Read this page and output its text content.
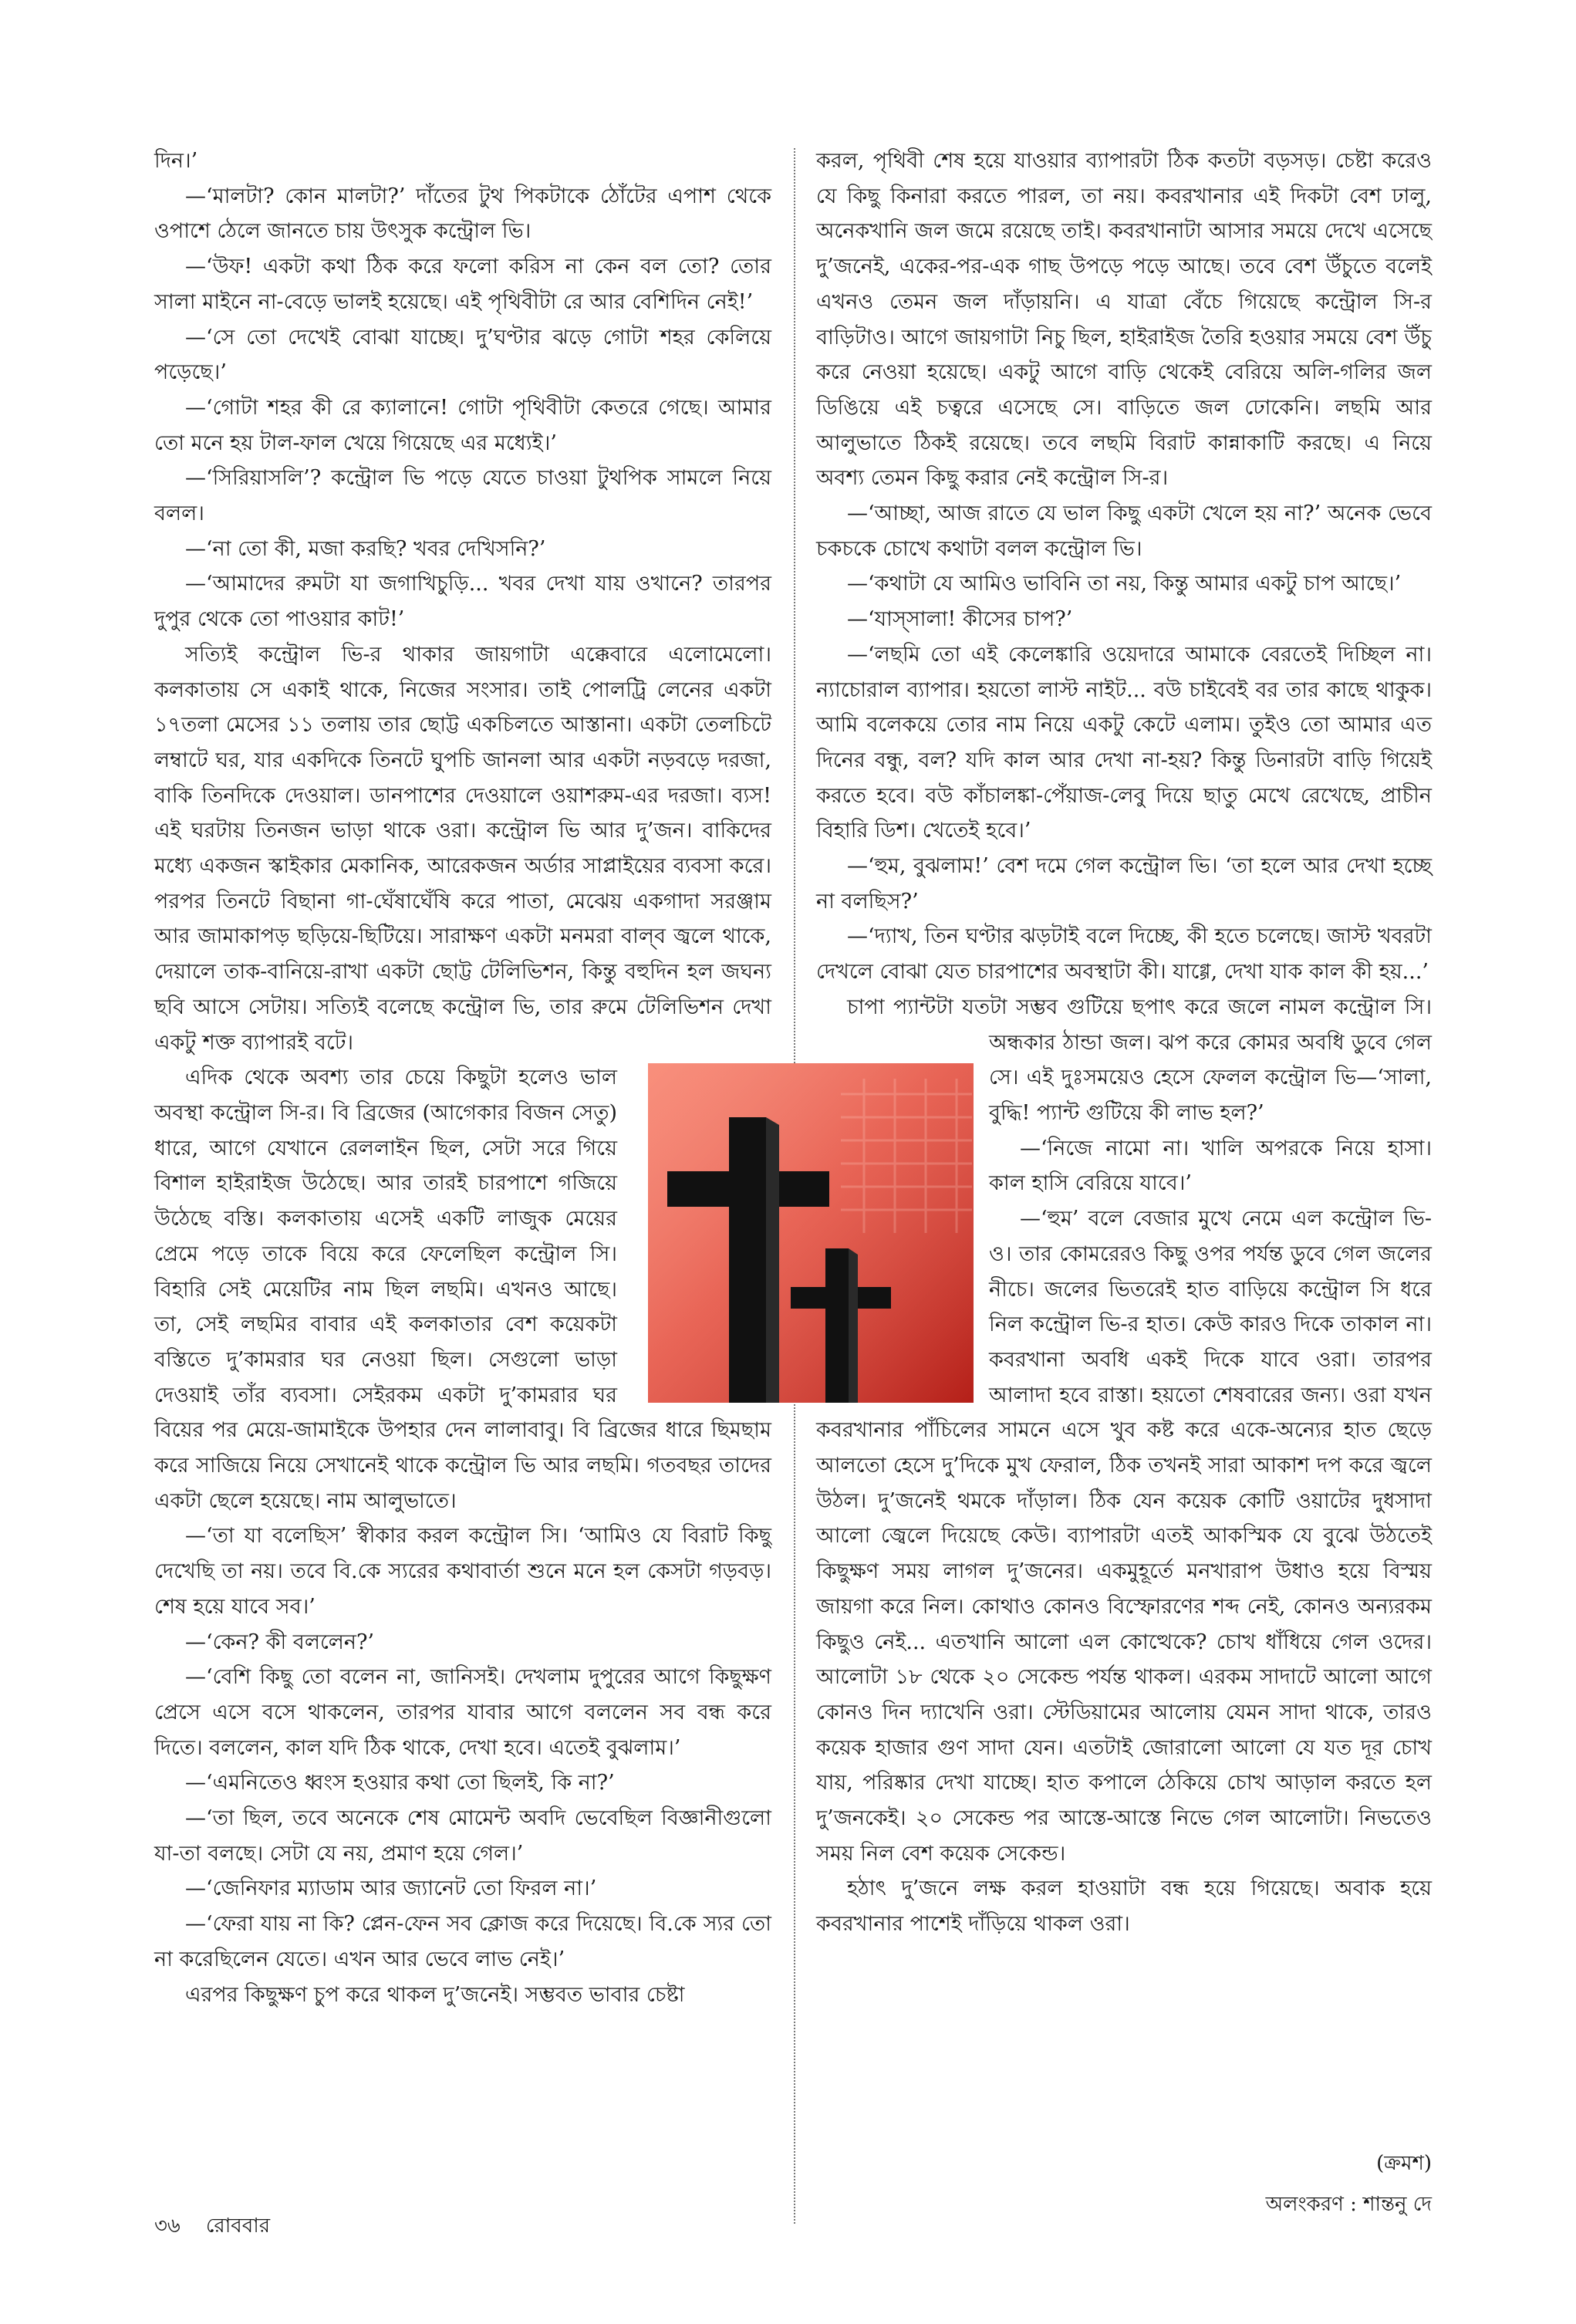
দিন।’

—‘মালটা? কোন মালটা?’ দাঁতের টুথ পিকটাকে ঠোঁটের এপাশ থেকে ওপাশে ঠেলে জানতে চায় উৎসুক কন্ট্রোল ভি।

—‘উফ! একটা কথা ঠিক করে ফলো করিস না কেন বল তো? তোর সালা মাইনে না-বেড়ে ভালই হয়েছে। এই পৃথিবীটা রে আর বেশিদিন নেই!’

—‘সে তো দেখেই বোঝা যাচ্ছে। দু’ঘণ্টার ঝড়ে গোটা শহর কেলিয়ে পড়েছে।’

—‘গোটা শহর কী রে ক্যালানে! গোটা পৃথিবীটা কেতরে গেছে। আমার তো মনে হয় টাল-ফাল খেয়ে গিয়েছে এর মধ্যেই।’

—‘সিরিয়াসলি’? কন্ট্রোল ভি পড়ে যেতে চাওয়া টুথপিক সামলে নিয়ে বলল।

—‘না তো কী, মজা করছি? খবর দেখিসনি?’

—‘আমাদের রুমটা যা জগাখিচুড়ি... খবর দেখা যায় ওখানে? তারপর দুপুর থেকে তো পাওয়ার কাট!’

সত্যিই কন্ট্রোল ভি-র থাকার জায়গাটা এক্কেবারে এলোমেলো। কলকাতায় সে একাই থাকে, নিজের সংসার। তাই পোলট্রি লেনের একটা ১৭তলা মেসের ১১ তলায় তার ছোট্ট একচিলতে আস্তানা। একটা তেলচিটে লম্বাটে ঘর, যার একদিকে তিনটে ঘুপচি জানলা আর একটা নড়বড়ে দরজা, বাকি তিনদিকে দেওয়াল। ডানপাশের দেওয়ালে ওয়াশরুম-এর দরজা। ব্যস! এই ঘরটায় তিনজন ভাড়া থাকে ওরা। কন্ট্রোল ভি আর দু’জন। বাকিদের মধ্যে একজন স্কাইকার মেকানিক, আরেকজন অর্ডার সাপ্লাইয়ের ব্যবসা করে। পরপর তিনটে বিছানা গা-ঘেঁষাঘেঁষি করে পাতা, মেঝেয় একগাদা সরঞ্জাম আর জামাকাপড় ছড়িয়ে-ছিটিয়ে। সারাক্ষণ একটা মনমরা বাল্‌ব জ্বলে থাকে, দেয়ালে তাক-বানিয়ে-রাখা একটা ছোট্ট টেলিভিশন, কিন্তু বহুদিন হল জঘন্য ছবি আসে সেটায়। সত্যিই বলেছে কন্ট্রোল ভি, তার রুমে টেলিভিশন দেখা একটু শক্ত ব্যাপারই বটে।

এদিক থেকে অবশ্য তার চেয়ে কিছুটা হলেও ভাল অবস্থা কন্ট্রোল সি-র। বি ব্রিজের (আগেকার বিজন সেতু) ধারে, আগে যেখানে রেললাইন ছিল, সেটা সরে গিয়ে বিশাল হাইরাইজ উঠেছে। আর তারই চারপাশে গজিয়ে উঠেছে বস্তি। কলকাতায় এসেই একটি লাজুক মেয়ের প্রেমে পড়ে তাকে বিয়ে করে ফেলেছিল কন্ট্রোল সি। বিহারি সেই মেয়েটির নাম ছিল লছমি। এখনও আছে। তা, সেই লছমির বাবার এই কলকাতার বেশ কয়েকটা বস্তিতে দু’কামরার ঘর নেওয়া ছিল। সেগুলো ভাড়া দেওয়াই তাঁর ব্যবসা। সেইরকম একটা দু’কামরার ঘর বিয়ের পর মেয়ে-জামাইকে উপহার দেন লালাবাবু। বি ব্রিজের ধারে ছিমছাম করে সাজিয়ে নিয়ে সেখানেই থাকে কন্ট্রোল ভি আর লছমি। গতবছর তাদের একটা ছেলে হয়েছে। নাম আলুভাতে।

—‘তা যা বলেছিস’ স্বীকার করল কন্ট্রোল সি। ‘আমিও যে বিরাট কিছু দেখেছি তা নয়। তবে বি.কে স্যরের কথাবার্তা শুনে মনে হল কেসটা গড়বড়। শেষ হয়ে যাবে সব।’

—‘কেন? কী বললেন?’

—‘বেশি কিছু তো বলেন না, জানিসই। দেখলাম দুপুরের আগে কিছুক্ষণ প্রেসে এসে বসে থাকলেন, তারপর যাবার আগে বললেন সব বন্ধ করে দিতে। বললেন, কাল যদি ঠিক থাকে, দেখা হবে। এতেই বুঝলাম।’

—‘এমনিতেও ধ্বংস হওয়ার কথা তো ছিলই, কি না?’

—‘তা ছিল, তবে অনেকে শেষ মোমেন্ট অবদি ভেবেছিল বিজ্ঞানীগুলো যা-তা বলছে। সেটা যে নয়, প্রমাণ হয়ে গেল।’

—‘জেনিফার ম্যাডাম আর জ্যানেট তো ফিরল না।’

—‘ফেরা যায় না কি? প্লেন-ফেন সব ক্লোজ করে দিয়েছে। বি.কে স্যর তো না করেছিলেন যেতে। এখন আর ভেবে লাভ নেই।’

এরপর কিছুক্ষণ চুপ করে থাকল দু’জনেই। সম্ভবত ভাবার চেষ্টা

করল, পৃথিবী শেষ হয়ে যাওয়ার ব্যাপারটা ঠিক কতটা বড়সড়। চেষ্টা করেও যে কিছু কিনারা করতে পারল, তা নয়। কবরখানার এই দিকটা বেশ ঢালু, অনেকখানি জল জমে রয়েছে তাই। কবরখানাটা আসার সময়ে দেখে এসেছে দু’জনেই, একের-পর-এক গাছ উপড়ে পড়ে আছে। তবে বেশ উঁচুতে বলেই এখনও তেমন জল দাঁড়ায়নি। এ যাত্রা বেঁচে গিয়েছে কন্ট্রোল সি-র বাড়িটাও। আগে জায়গাটা নিচু ছিল, হাইরাইজ তৈরি হওয়ার সময়ে বেশ উঁচু করে নেওয়া হয়েছে। একটু আগে বাড়ি থেকেই বেরিয়ে অলি-গলির জল ডিঙিয়ে এই চত্বরে এসেছে সে। বাড়িতে জল ঢোকেনি। লছমি আর আলুভাতে ঠিকই রয়েছে। তবে লছমি বিরাট কান্নাকাটি করছে। এ নিয়ে অবশ্য তেমন কিছু করার নেই কন্ট্রোল সি-র।

—‘আচ্ছা, আজ রাতে যে ভাল কিছু একটা খেলে হয় না?’ অনেক ভেবে চকচকে চোখে কথাটা বলল কন্ট্রোল ভি।

—‘কথাটা যে আমিও ভাবিনি তা নয়, কিন্তু আমার একটু চাপ আছে।’

—‘যাস্‌সালা! কীসের চাপ?’

—‘লছমি তো এই কেলেঙ্কারি ওয়েদারে আমাকে বেরতেই দিচ্ছিল না। ন্যাচোরাল ব্যাপার। হয়তো লাস্ট নাইট... বউ চাইবেই বর তার কাছে থাকুক। আমি বলেকয়ে তোর নাম নিয়ে একটু কেটে এলাম। তুইও তো আমার এত দিনের বন্ধু, বল? যদি কাল আর দেখা না-হয়? কিন্তু ডিনারটা বাড়ি গিয়েই করতে হবে। বউ কাঁচালঙ্কা-পেঁয়াজ-লেবু দিয়ে ছাতু মেখে রেখেছে, প্রাচীন বিহারি ডিশ। খেতেই হবে।’

—‘হুম, বুঝলাম!’ বেশ দমে গেল কন্ট্রোল ভি। ‘তা হলে আর দেখা হচ্ছে না বলছিস?’

—‘দ্যাখ, তিন ঘণ্টার ঝড়টাই বলে দিচ্ছে, কী হতে চলেছে। জাস্ট খবরটা দেখলে বোঝা যেত চারপাশের অবস্থাটা কী। যাগ্গে, দেখা যাক কাল কী হয়...’

চাপা প্যান্টটা যতটা সম্ভব গুটিয়ে ছপাৎ করে জলে নামল কন্ট্রোল সি। অন্ধকার ঠান্ডা জল। ঝপ করে কোমর অবধি ডুবে গেল সে। এই দুঃসময়েও হেসে ফেলল কন্ট্রোল ভি—‘সালা, বুদ্ধি! প্যান্ট গুটিয়ে কী লাভ হল?’

—‘নিজে নামো না। খালি অপরকে নিয়ে হাসা। কাল হাসি বেরিয়ে যাবে।’

—‘হুম’ বলে বেজার মুখে নেমে এল কন্ট্রোল ভি-ও। তার কোমরেরও কিছু ওপর পর্যন্ত ডুবে গেল জলের নীচে। জলের ভিতরেই হাত বাড়িয়ে কন্ট্রোল সি ধরে নিল কন্ট্রোল ভি-র হাত। কেউ কারও দিকে তাকাল না। কবরখানা অবধি একই দিকে যাবে ওরা। তারপর আলাদা হবে রাস্তা। হয়তো শেষবারের জন্য। ওরা যখন কবরখানার পাঁচিলের সামনে এসে খুব কষ্ট করে একে-অন্যের হাত ছেড়ে আলতো হেসে দু’দিকে মুখ ফেরাল, ঠিক তখনই সারা আকাশ দপ করে জ্বলে উঠল। দু’জনেই থমকে দাঁড়াল। ঠিক যেন কয়েক কোটি ওয়াটের দুধসাদা আলো জ্বেলে দিয়েছে কেউ। ব্যাপারটা এতই আকস্মিক যে বুঝে উঠতেই কিছুক্ষণ সময় লাগল দু’জনের। একমুহূর্তে মনখারাপ উধাও হয়ে বিস্ময় জায়গা করে নিল। কোথাও কোনও বিস্ফোরণের শব্দ নেই, কোনও অন্যরকম কিছুও নেই... এতখানি আলো এল কোত্থেকে? চোখ ধাঁধিয়ে গেল ওদের। আলোটা ১৮ থেকে ২০ সেকেন্ড পর্যন্ত থাকল। এরকম সাদাটে আলো আগে কোনও দিন দ্যাখেনি ওরা। স্টেডিয়ামের আলোয় যেমন সাদা থাকে, তারও কয়েক হাজার গুণ সাদা যেন। এতটাই জোরালো আলো যে যত দূর চোখ যায়, পরিষ্কার দেখা যাচ্ছে। হাত কপালে ঠেকিয়ে চোখ আড়াল করতে হল দু’জনকেই। ২০ সেকেন্ড পর আস্তে-আস্তে নিভে গেল আলোটা। নিভতেও সময় নিল বেশ কয়েক সেকেন্ড।

হঠাৎ দু’জনে লক্ষ করল হাওয়াটা বন্ধ হয়ে গিয়েছে। অবাক হয়ে কবরখানার পাশেই দাঁড়িয়ে থাকল ওরা।

(ক্রমশ)
অলংকরণ : শান্তনু দে
৩৬ রোববার
